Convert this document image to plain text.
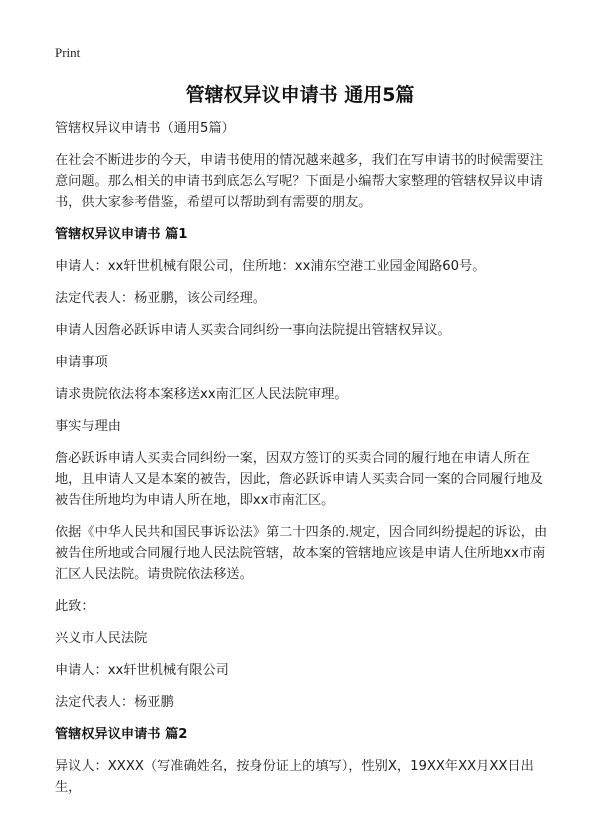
Print
管辖权异议申请书 通用5篇

管辖权异议申请书（通用5篇）

在社会不断进步的今天，申请书使用的情况越来越多，我们在写申请书的时候需要注意问题。那么相关的申请书到底怎么写呢？下面是小编帮大家整理的管辖权异议申请书，供大家参考借鉴，希望可以帮助到有需要的朋友。

管辖权异议申请书 篇1

申请人：xx轩世机械有限公司，住所地：xx浦东空港工业园金闻路60号。

法定代表人：杨亚鹏，该公司经理。

申请人因詹必跃诉申请人买卖合同纠纷一事向法院提出管辖权异议。

申请事项

请求贵院依法将本案移送xx南汇区人民法院审理。

事实与理由

詹必跃诉申请人买卖合同纠纷一案，因双方签订的买卖合同的履行地在申请人所在地，且申请人又是本案的被告，因此，詹必跃诉申请人买卖合同一案的合同履行地及被告住所地均为申请人所在地，即xx市南汇区。

依据《中华人民共和国民事诉讼法》第二十四条的.规定，因合同纠纷提起的诉讼，由被告住所地或合同履行地人民法院管辖，故本案的管辖地应该是申请人住所地xx市南汇区人民法院。请贵院依法移送。

此致：

兴义市人民法院

申请人：xx轩世机械有限公司

法定代表人：杨亚鹏

管辖权异议申请书 篇2

异议人：XXXX（写准确姓名，按身份证上的填写），性别X，19XX年XX月XX日出生，
